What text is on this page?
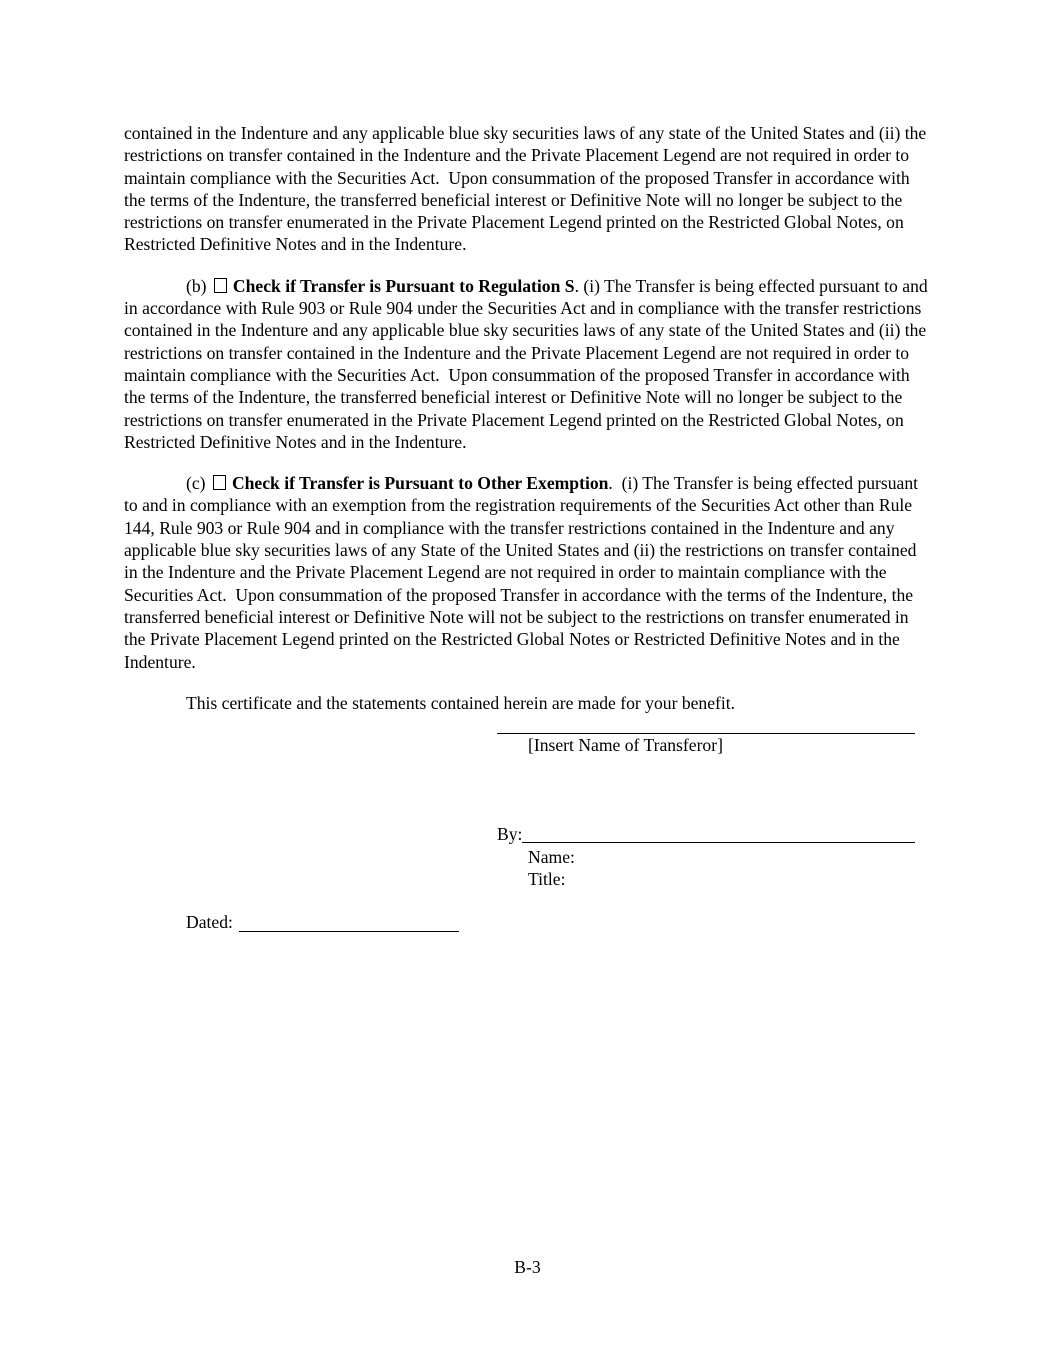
contained in the Indenture and any applicable blue sky securities laws of any state of the United States and (ii) the restrictions on transfer contained in the Indenture and the Private Placement Legend are not required in order to maintain compliance with the Securities Act.  Upon consummation of the proposed Transfer in accordance with the terms of the Indenture, the transferred beneficial interest or Definitive Note will no longer be subject to the restrictions on transfer enumerated in the Private Placement Legend printed on the Restricted Global Notes, on Restricted Definitive Notes and in the Indenture.

(b) Check if Transfer is Pursuant to Regulation S. (i) The Transfer is being effected pursuant to and in accordance with Rule 903 or Rule 904 under the Securities Act and in compliance with the transfer restrictions contained in the Indenture and any applicable blue sky securities laws of any state of the United States and (ii) the restrictions on transfer contained in the Indenture and the Private Placement Legend are not required in order to maintain compliance with the Securities Act.  Upon consummation of the proposed Transfer in accordance with the terms of the Indenture, the transferred beneficial interest or Definitive Note will no longer be subject to the restrictions on transfer enumerated in the Private Placement Legend printed on the Restricted Global Notes, on Restricted Definitive Notes and in the Indenture.

(c) Check if Transfer is Pursuant to Other Exemption.  (i) The Transfer is being effected pursuant to and in compliance with an exemption from the registration requirements of the Securities Act other than Rule 144, Rule 903 or Rule 904 and in compliance with the transfer restrictions contained in the Indenture and any applicable blue sky securities laws of any State of the United States and (ii) the restrictions on transfer contained in the Indenture and the Private Placement Legend are not required in order to maintain compliance with the Securities Act.  Upon consummation of the proposed Transfer in accordance with the terms of the Indenture, the transferred beneficial interest or Definitive Note will not be subject to the restrictions on transfer enumerated in the Private Placement Legend printed on the Restricted Global Notes or Restricted Definitive Notes and in the Indenture.

This certificate and the statements contained herein are made for your benefit.

[Insert Name of Transferor]
By:
Name:
Title:
Dated:
B-3
